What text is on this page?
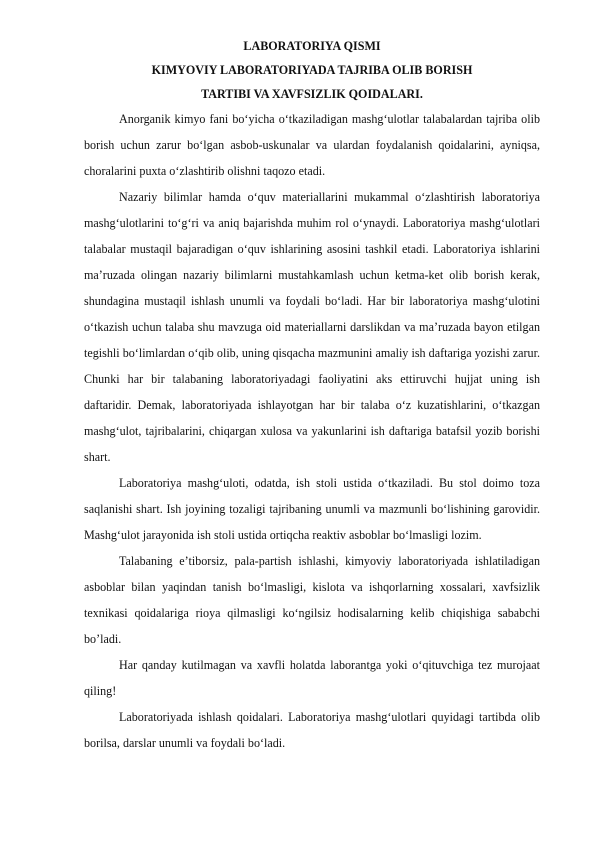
LABORATORIYA QISMI

KIMYOVIY LABORATORIYADA TAJRIBA OLIB BORISH

TARTIBI VA XAVFSIZLIK QOIDALARI.

Anorganik kimyo fani bo‘yicha o‘tkaziladigan mashg‘ulotlar talabalardan tajriba olib borish uchun zarur bo‘lgan asbob-uskunalar va ulardan foydalanish qoidalarini, ayniqsa, choralarini puxta o‘zlashtirib olishni taqozo etadi.

Nazariy bilimlar hamda o‘quv materiallarini mukammal o‘zlashtirish laboratoriya mashg‘ulotlarini to‘g‘ri va aniq bajarishda muhim rol o‘ynaydi. Laboratoriya mashg‘ulotlari talabalar mustaqil bajaradigan o‘quv ishlarining asosini tashkil etadi. Laboratoriya ishlarini ma’ruzada olingan nazariy bilimlarni mustahkamlash uchun ketma-ket olib borish kerak, shundagina mustaqil ishlash unumli va foydali bo‘ladi. Har bir laboratoriya mashg‘ulotini o‘tkazish uchun talaba shu mavzuga oid materiallarni darslikdan va ma’ruzada bayon etilgan tegishli bo‘limlardan o‘qib olib, uning qisqacha mazmunini amaliy ish daftariga yozishi zarur. Chunki har bir talabaning laboratoriyadagi faoliyatini aks ettiruvchi hujjat uning ish daftaridir. Demak, laboratoriyada ishlayotgan har bir talaba o‘z kuzatishlarini, o‘tkazgan mashg‘ulot, tajribalarini, chiqargan xulosa va yakunlarini ish daftariga batafsil yozib borishi shart.

Laboratoriya mashg‘uloti, odatda, ish stoli ustida o‘tkaziladi. Bu stol doimo toza saqlanishi shart. Ish joyining tozaligi tajribaning unumli va mazmunli bo‘lishining garovidir. Mashg‘ulot jarayonida ish stoli ustida ortiqcha reaktiv asboblar bo‘lmasligi lozim.

Talabaning e’tiborsiz, pala-partish ishlashi, kimyoviy laboratoriyada ishlatiladigan asboblar bilan yaqindan tanish bo‘lmasligi, kislota va ishqorlarning xossalari, xavfsizlik texnikasi qoidalariga rioya qilmasligi ko‘ngilsiz hodisalarning kelib chiqishiga sababchi bo’ladi.

Har qanday kutilmagan va xavfli holatda laborantga yoki o‘qituvchiga tez murojaat qiling!

Laboratoriyada ishlash qoidalari. Laboratoriya mashg‘ulotlari quyidagi tartibda olib borilsa, darslar unumli va foydali bo‘ladi.
